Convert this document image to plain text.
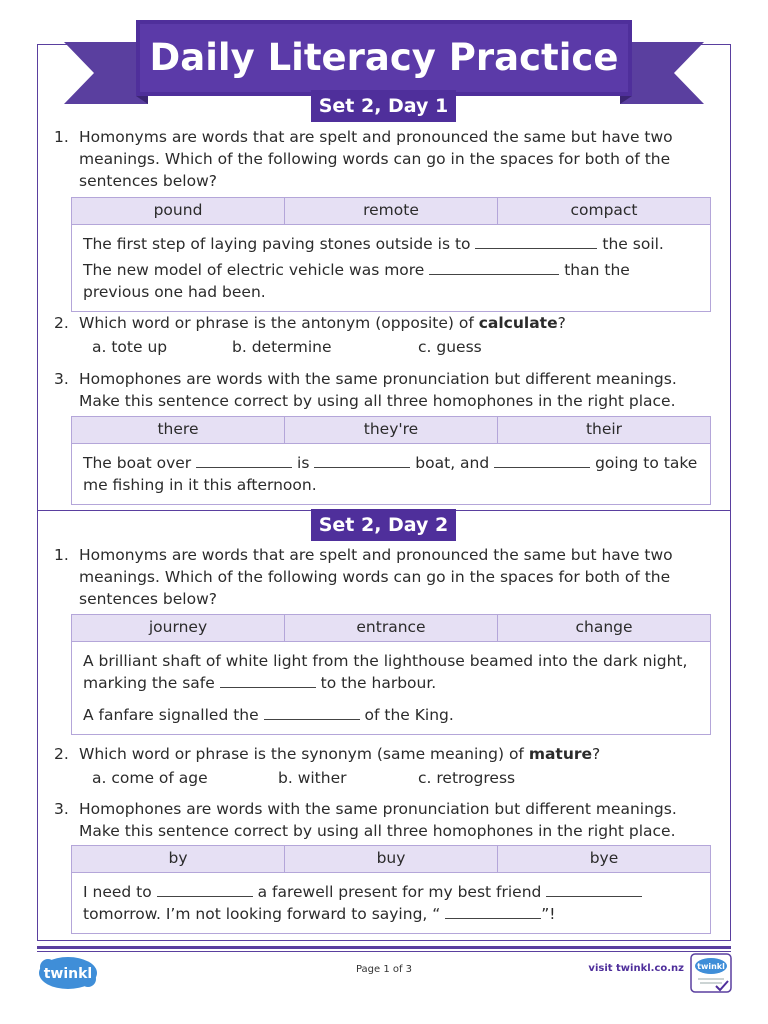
Daily Literacy Practice
Set 2, Day 1
1. Homonyms are words that are spelt and pronounced the same but have two meanings. Which of the following words can go in the spaces for both of the sentences below?
pound	remote	compact

The first step of laying paving stones outside is to	the soil.

The new model of electric vehicle was more	than the previous one had been.

2. Which word or phrase is the antonym (opposite) of calculate?
a. tote up	b. determine	c. guess
3. Homophones are words with the same pronunciation but different meanings. Make this sentence correct by using all three homophones in the right place.
there	they're	their

The boat over	is	boat, and	going to take me fishing in it this afternoon.

Set 2, Day 2
1. Homonyms are words that are spelt and pronounced the same but have two meanings. Which of the following words can go in the spaces for both of the sentences below?
journey	entrance	change

A brilliant shaft of white light from the lighthouse beamed into the dark night, marking the safe	to the harbour.

A fanfare signalled the	of the King.

2. Which word or phrase is the synonym (same meaning) of mature?
a. come of age	b. wither	c. retrogress
3. Homophones are words with the same pronunciation but different meanings. Make this sentence correct by using all three homophones in the right place.
by	buy	bye

I need to	a farewell present for my best friend  tomorrow. I’m not looking forward to saying, “	”!

twinkl	Page 1 of 3	visit twinkl.co.nz twinkl
